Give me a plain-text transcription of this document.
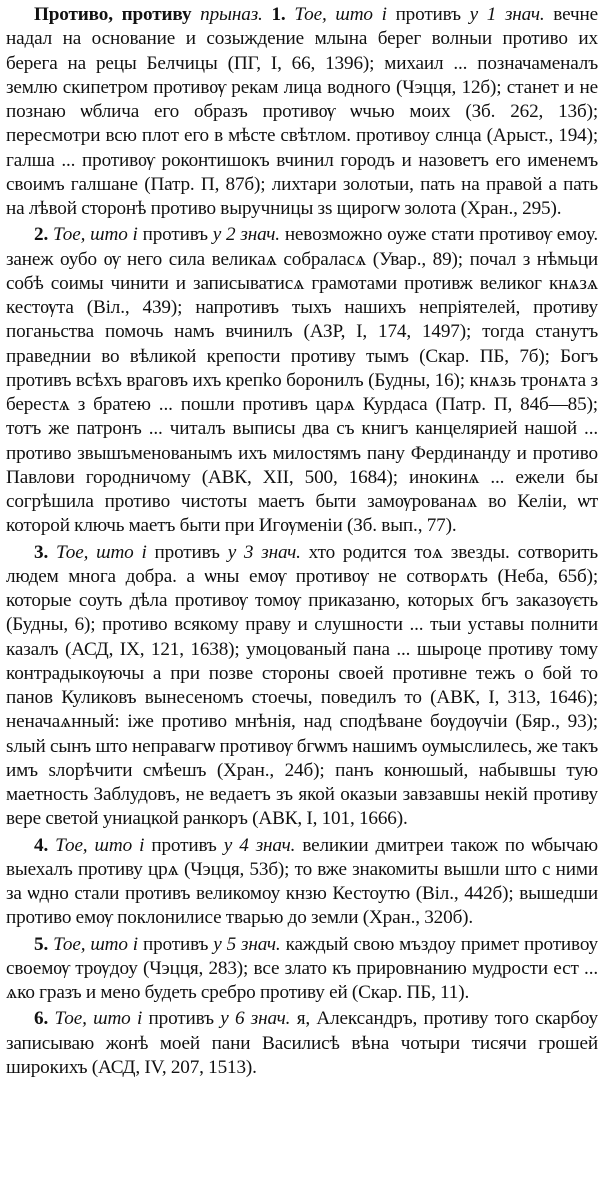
Противо, противу прыназ. 1. Тое, што і противъ у 1 знач. вечне надал на основание и созыждение млына берег волныи противо их берега на рецы Белчицы (ПГ, I, 66, 1396); михаил ... позначаменалъ землю скипетром противѹ рекам лица водного (Чэцця, 12б); станет и не познаю ѡблича его образъ противѹ ѡчью моих (Зб. 262, 13б); пересмотри всю плот его в мѣсте свѣтлом. противоу слнца (Арыст., 194); галша ... противѹ роконтишокъ вчинил городъ и назоветъ его именемъ своимъ галшане (Патр. П, 87б); лихтари золотыи, пать на правой а пать на лѣвой сторонѣ противо выручницы зs щирогѡ золота (Хран., 295).

2. Тое, што і противъ у 2 знач. невозможно оуже стати противѹ емоу. занеж оубо ѹ него сила великаѧ собралаcѧ (Увар., 89); почал з нѣмьци собѣ соимы чинити и записыватисѧ грамотами противж великог кнѧзѧ кестѹта (Віл., 439); напротивъ тыхъ нашихъ непріятелей, противу поганьства помочь намъ вчинилъ (АЗР, I, 174, 1497); тогда станутъ праведнии во вѣликой крепости противу тымъ (Скар. ПБ, 7б); Богъ противъ всѣхъ враговъ ихъ крепko боронилъ (Будны, 16); кнѧзь тронѧта з берестѧ з братею ... пошли противъ царѧ Курдаса (Патр. П, 84б—85); тотъ же патронъ ... читалъ выписы два съ книгъ канцелярией нашой ... противо звышъменованымъ ихъ милостямъ пану Фердинанду и противо Павлови городничому (АВК, XII, 500, 1684); инокинѧ ... ежели бы согрѣшила противо чистоты маетъ быти замѹрованаѧ во Келіи, ѡт которой ключь маетъ быти при Игѹменіи (Зб. вып., 77).

3. Тое, што і противъ у 3 знач. хто родится тоѧ звезды. сотворить людем многа добра. а ѡны емѹ противѹ не сотворѧть (Неба, 65б); которые соуть дѣла противѹ томѹ приказаню, которых бгъ заказѹєть (Будны, 6); противо всякому праву и слушности ... тыи уставы полнити казалъ (АСД, IX, 121, 1638); умоцованый пана ... шыроце противу тому контрадыкѹючы а при позве стороны своей противне тежъ о бой то панов Куликовъ вынесеномъ стоечы, поведилъ то (АВК, I, 313, 1646); неначаѧнный: іже противо мнѣнія, над сподѣване бѹдѹчіи (Бяр., 93); ѕлый сынъ што неправагѡ противѹ бгѡмъ нашимъ оумыслилесь, же такъ имъ ѕлорѣчити смѣешъ (Хран., 24б); панъ конюшый, набывшы тую маетность Заблудовъ, не ведаетъ зъ якой оказыи завзавшы некій противу вере светой униацкой ранкоръ (АВК, I, 101, 1666).

4. Тое, што і противъ у 4 знач. великии дмитреи також по ѡбычаю выехалъ противу црѧ (Чэцця, 53б); то вже знакомиты вышли што с ними за ѡдно стали противъ великомоу кнзю Кестоутю (Віл., 442б); вышедши противо емѹ поклонилисе тварью до земли (Хран., 320б).

5. Тое, што і противъ у 5 знач. каждый свою мъздоу примет противоу своемѹ трѹдоу (Чэцця, 283); все злато къ прировнанию мудрости ест ... ѧко гразъ и мено будеть сребро противу ей (Скар. ПБ, 11).

6. Тое, што і противъ у 6 знач. я, Александръ, противу того скарбоу записываю жонѣ моей пани Василисѣ вѣна чотыри тисячи грошей широкихъ (АСД, IV, 207, 1513).
